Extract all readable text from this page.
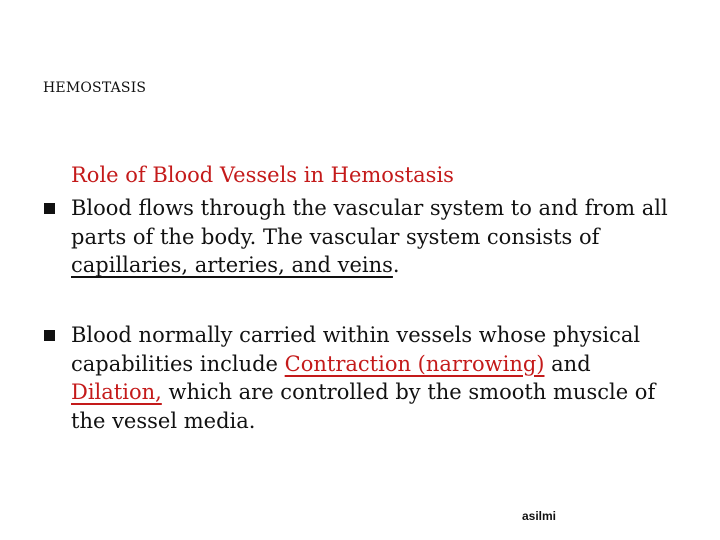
HEMOSTASIS
Role of Blood Vessels in Hemostasis
Blood flows through the vascular system to and from all parts of the body. The vascular system consists of capillaries, arteries, and veins.
Blood normally carried within vessels whose physical capabilities include Contraction (narrowing) and Dilation, which are controlled by the smooth muscle of the vessel media.
asilmi
